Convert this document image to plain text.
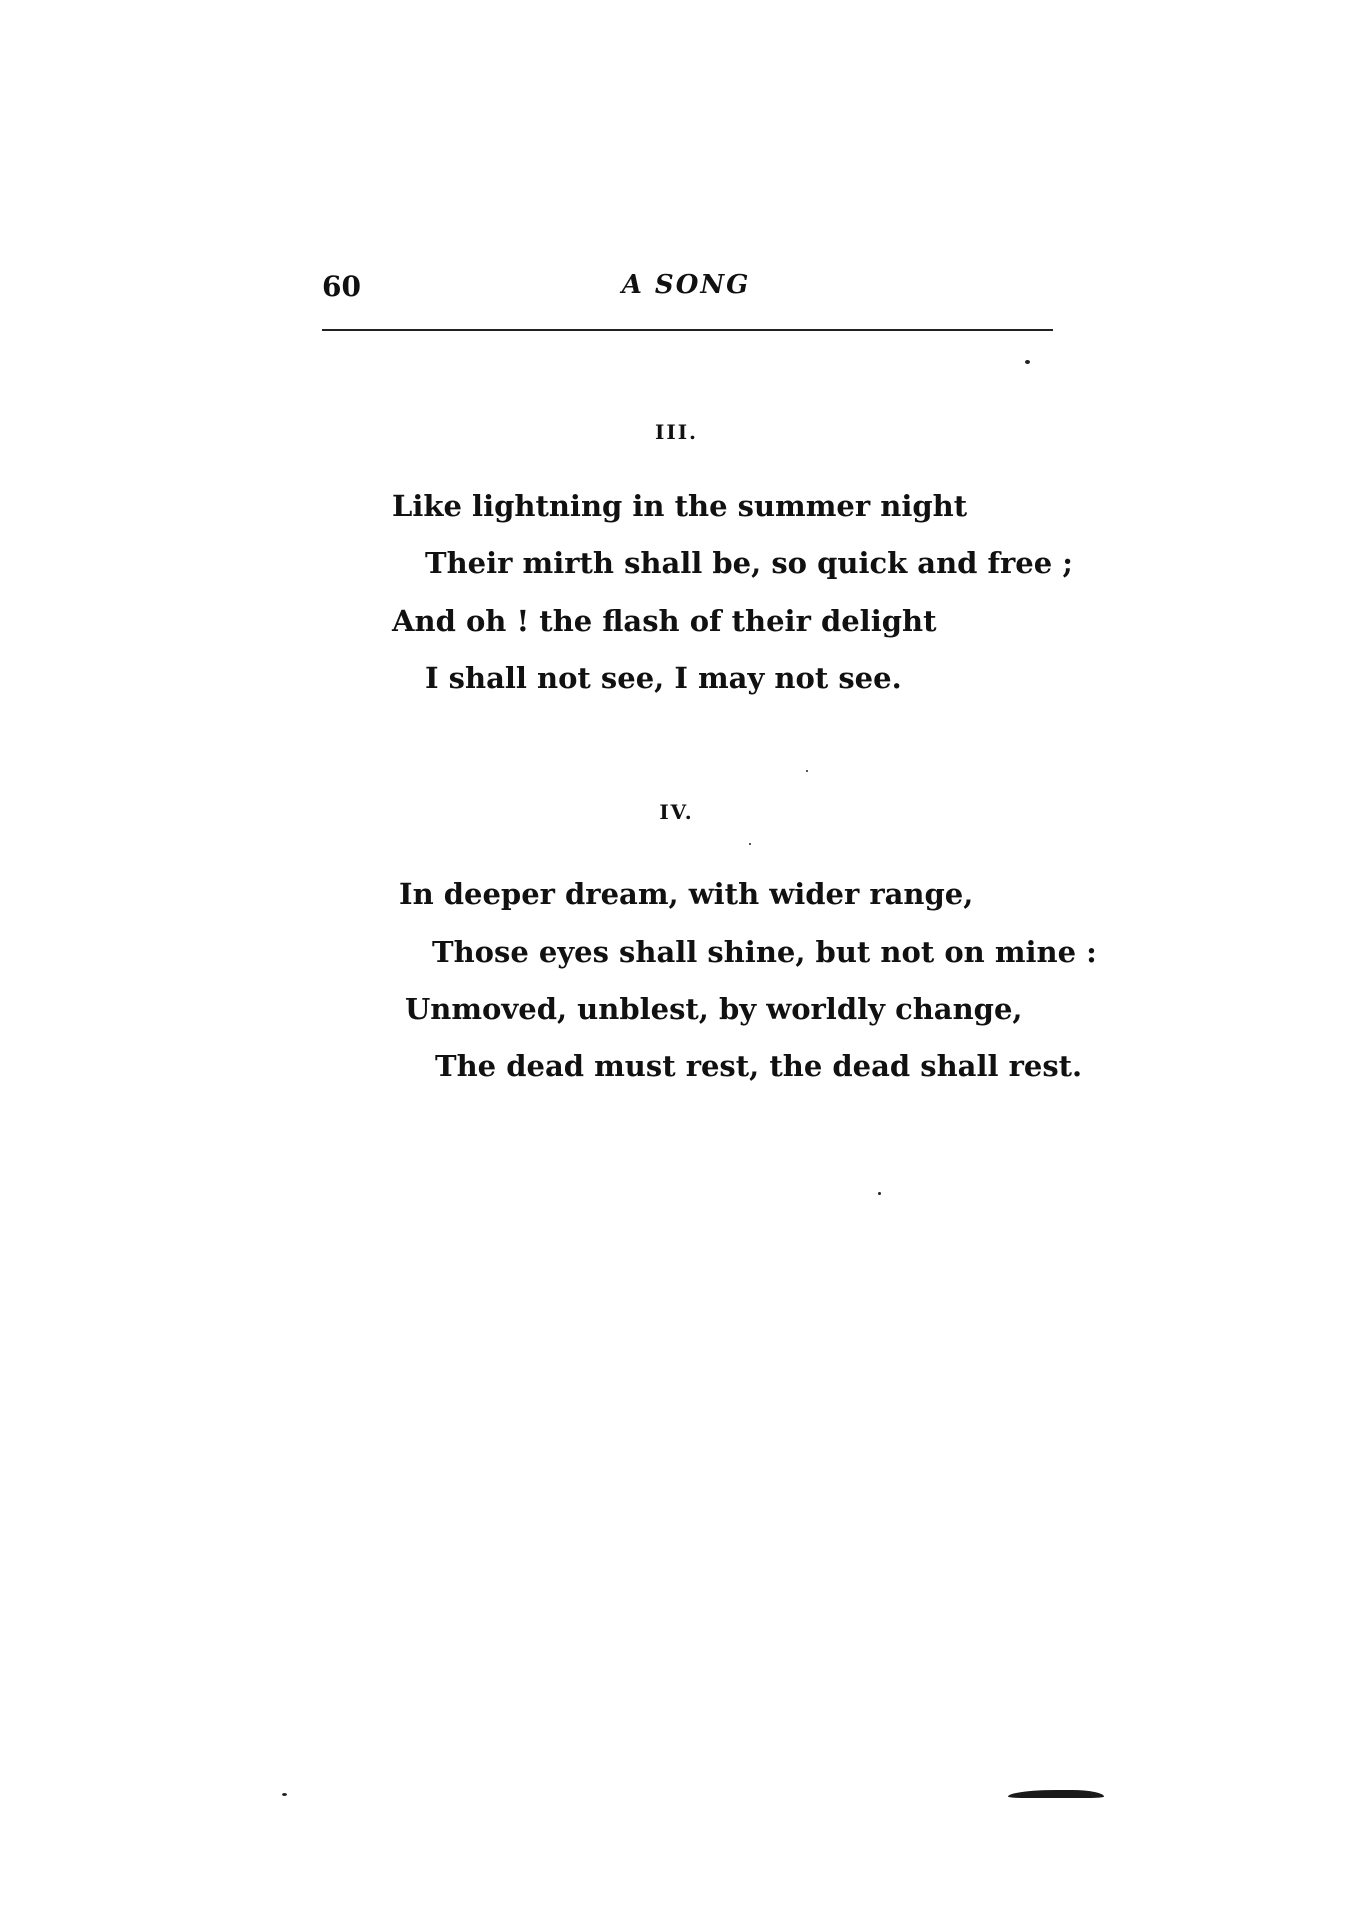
60	A SONG
III.
Like lightning in the summer night
Their mirth shall be, so quick and free ;
And oh ! the flash of their delight
I shall not see, I may not see.
IV.
In deeper dream, with wider range,
Those eyes shall shine, but not on mine :
Unmoved, unblest, by worldly change,
The dead must rest, the dead shall rest.
